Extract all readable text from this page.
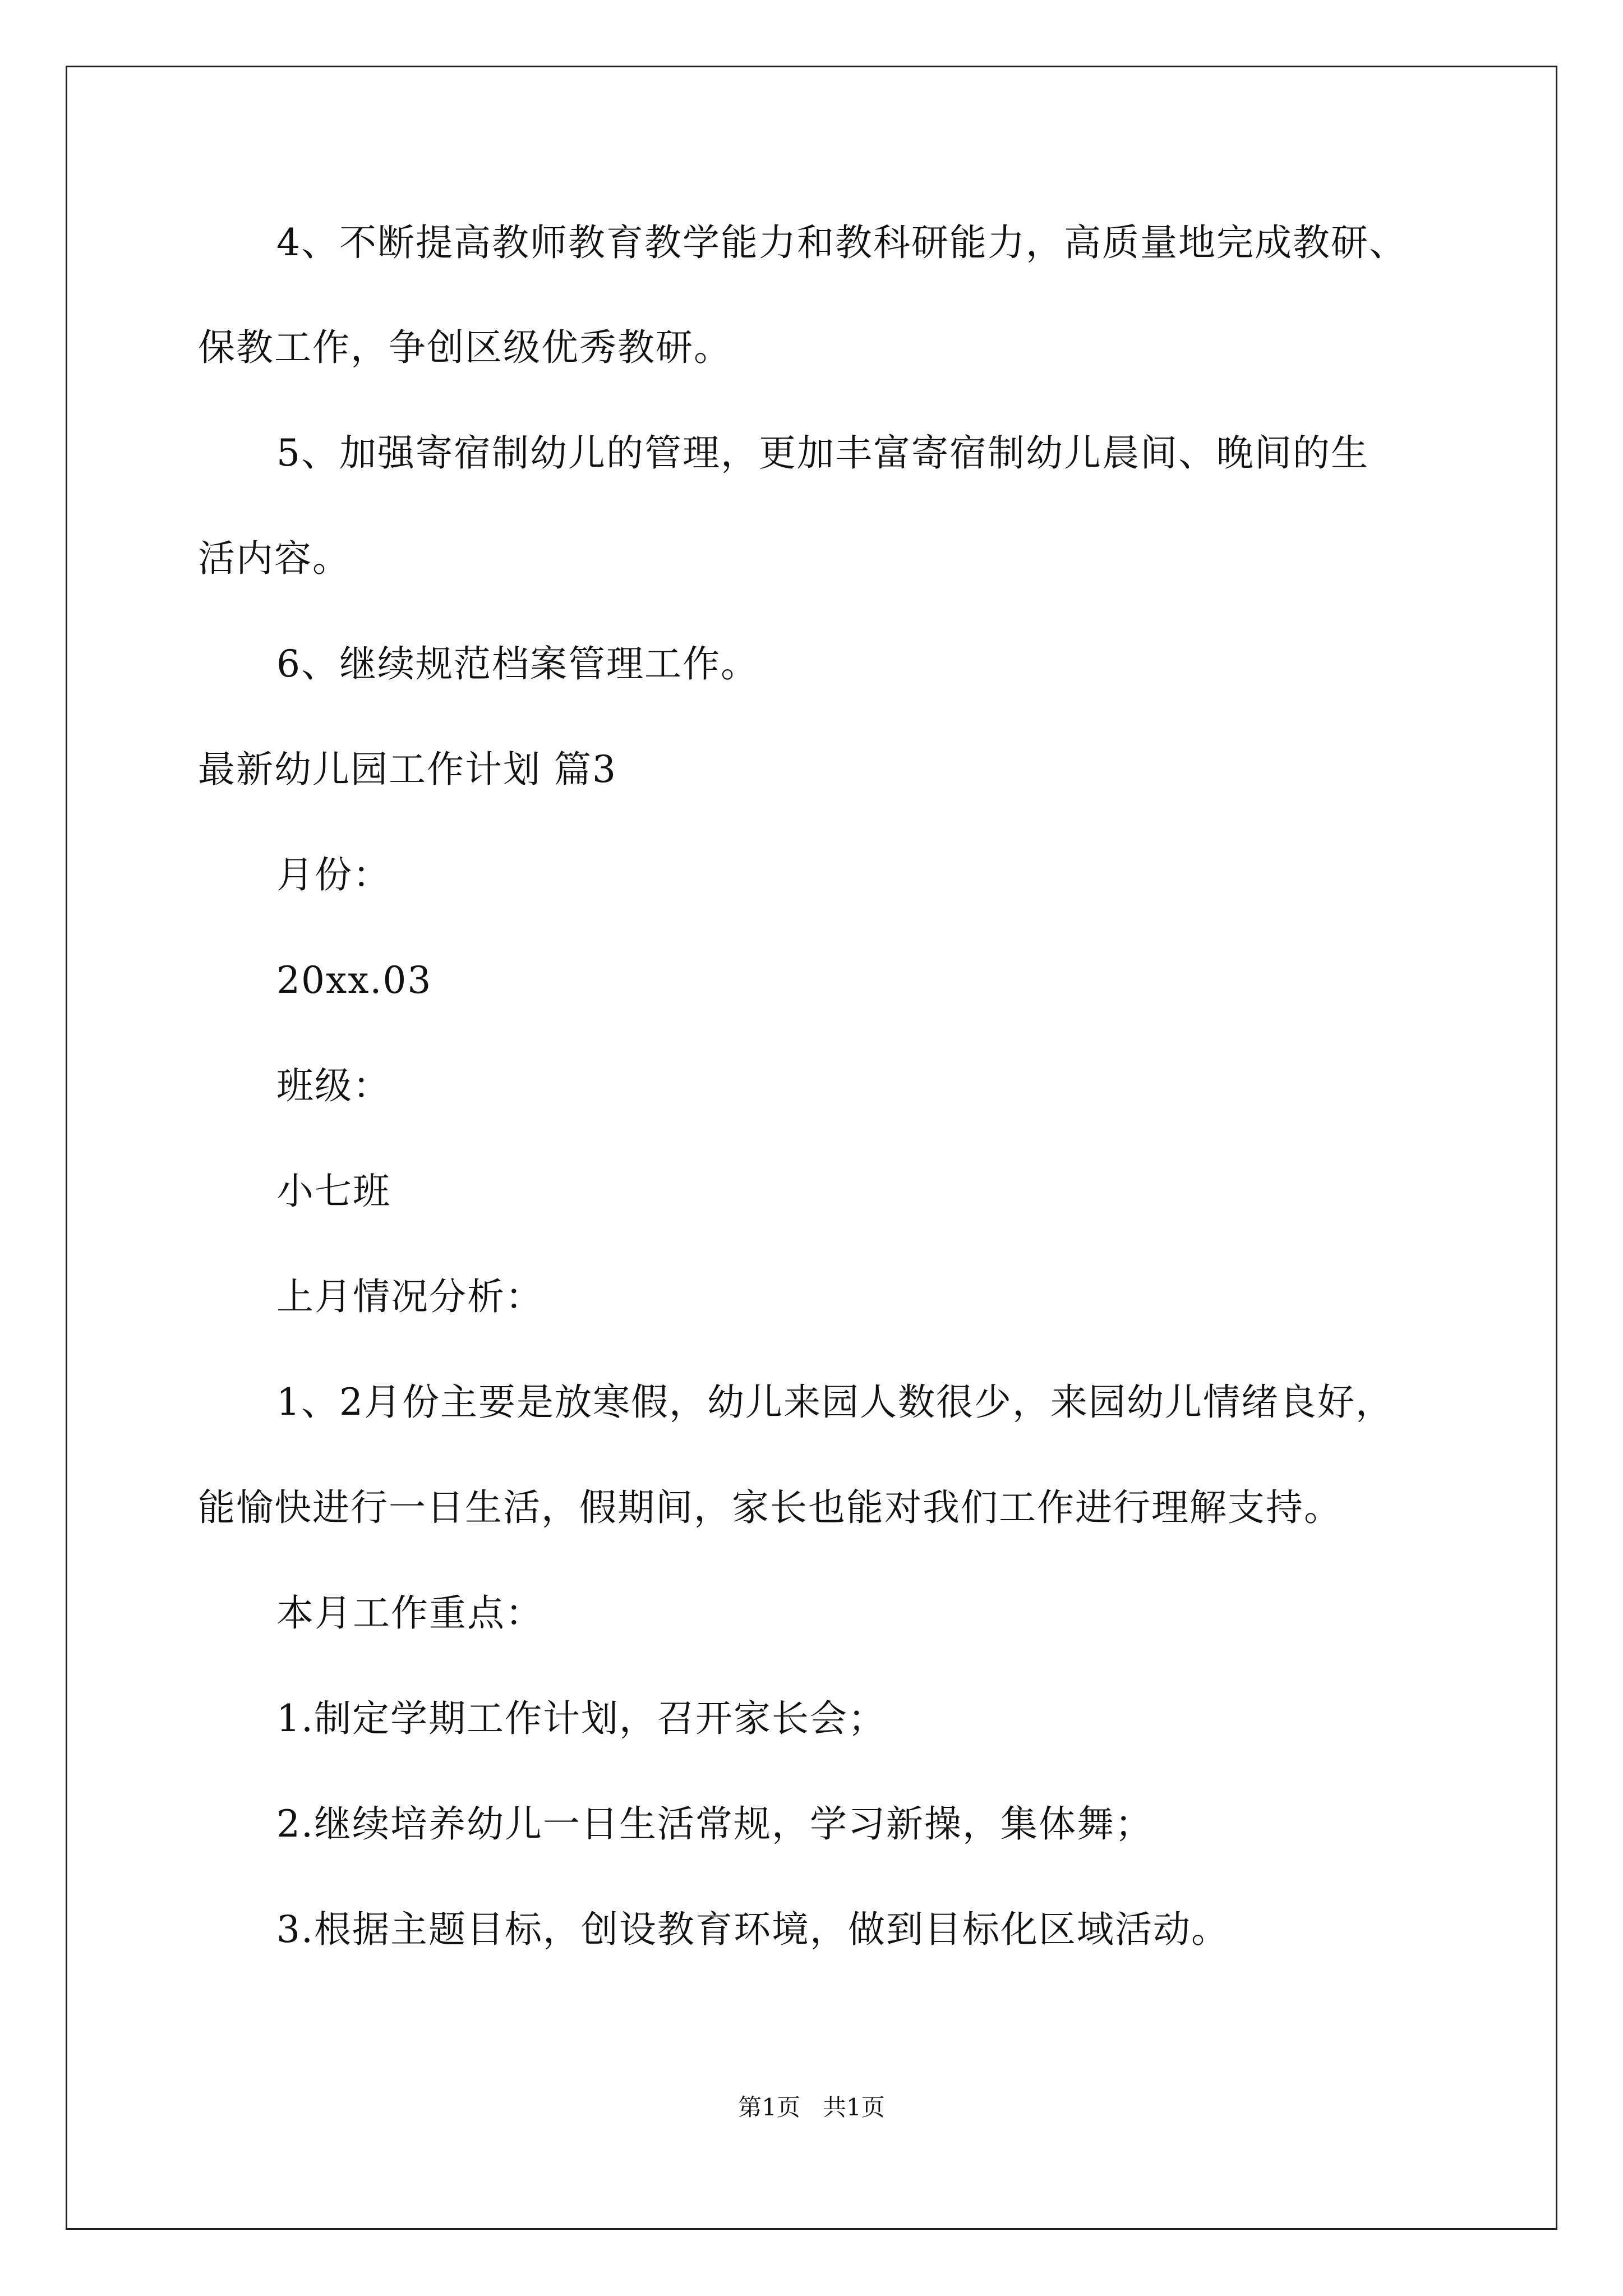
4、不断提高教师教育教学能力和教科研能力，高质量地完成教研、
保教工作，争创区级优秀教研。
5、加强寄宿制幼儿的管理，更加丰富寄宿制幼儿晨间、晚间的生
活内容。
6、继续规范档案管理工作。
最新幼儿园工作计划 篇3
月份：
20xx.03
班级：
小七班
上月情况分析：
1、2月份主要是放寒假，幼儿来园人数很少，来园幼儿情绪良好，
能愉快进行一日生活，假期间，家长也能对我们工作进行理解支持。
本月工作重点：
1.制定学期工作计划，召开家长会；
2.继续培养幼儿一日生活常规，学习新操，集体舞；
3.根据主题目标，创设教育环境，做到目标化区域活动。
第1页   共1页
